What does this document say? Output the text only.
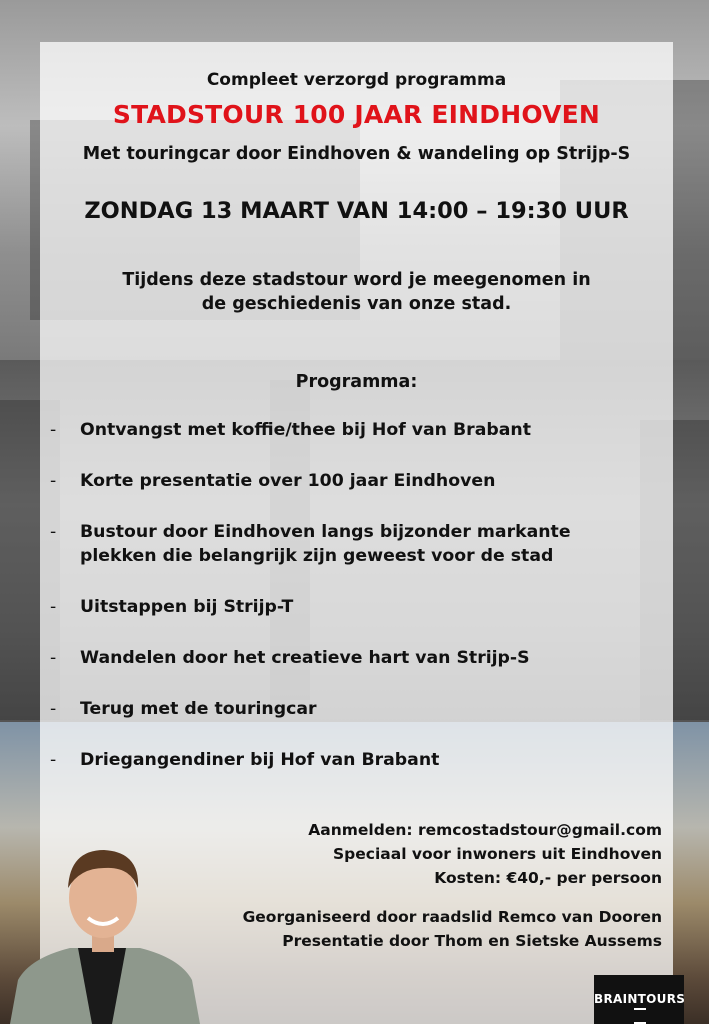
Compleet verzorgd programma
STADSTOUR 100 JAAR EINDHOVEN
Met touringcar door Eindhoven & wandeling op Strijp-S
ZONDAG 13 MAART VAN 14:00 – 19:30 UUR
Tijdens deze stadstour word je meegenomen in de geschiedenis van onze stad.
Programma:
- Ontvangst met koffie/thee bij Hof van Brabant
- Korte presentatie over 100 jaar Eindhoven
- Bustour door Eindhoven langs bijzonder markante plekken die belangrijk zijn geweest voor de stad
- Uitstappen bij Strijp-T
- Wandelen door het creatieve hart van Strijp-S
- Terug met de touringcar
- Driegangendiner bij Hof van Brabant
Aanmelden: remcostadstour@gmail.com
Speciaal voor inwoners uit Eindhoven
Kosten: €40,- per persoon
Georganiseerd door raadslid Remco van Dooren
Presentatie door Thom en Sietske Aussems
BRAINTOURS
